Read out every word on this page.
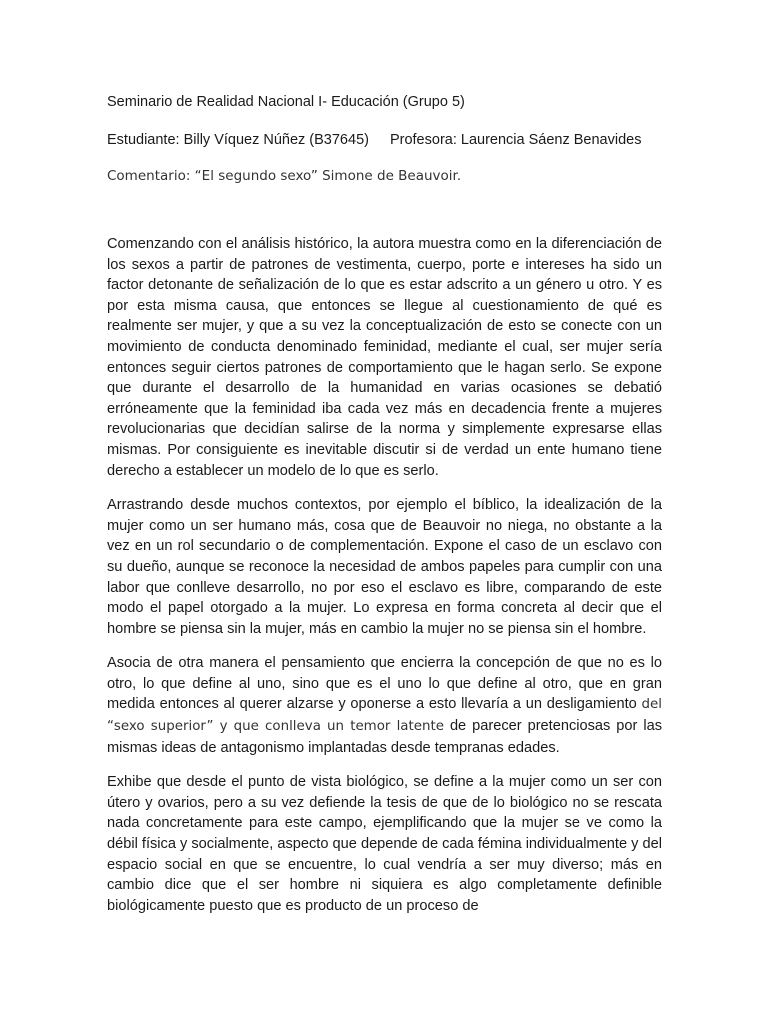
Seminario de Realidad Nacional I- Educación (Grupo 5)

Estudiante: Billy Víquez Núñez (B37645) Profesora: Laurencia Sáenz Benavides

Comentario: “El segundo sexo” Simone de Beauvoir.

Comenzando con el análisis histórico, la autora muestra como en la diferenciación de los sexos a partir de patrones de vestimenta, cuerpo, porte e intereses ha sido un factor detonante de señalización de lo que es estar adscrito a un género u otro. Y es por esta misma causa, que entonces se llegue al cuestionamiento de qué es realmente ser mujer, y que a su vez la conceptualización de esto se conecte con un movimiento de conducta denominado feminidad, mediante el cual, ser mujer sería entonces seguir ciertos patrones de comportamiento que le hagan serlo. Se expone que durante el desarrollo de la humanidad en varias ocasiones se debatió erróneamente que la feminidad iba cada vez más en decadencia frente a mujeres revolucionarias que decidían salirse de la norma y simplemente expresarse ellas mismas. Por consiguiente es inevitable discutir si de verdad un ente humano tiene derecho a establecer un modelo de lo que es serlo.

Arrastrando desde muchos contextos, por ejemplo el bíblico, la idealización de la mujer como un ser humano más, cosa que de Beauvoir no niega, no obstante a la vez en un rol secundario o de complementación. Expone el caso de un esclavo con su dueño, aunque se reconoce la necesidad de ambos papeles para cumplir con una labor que conlleve desarrollo, no por eso el esclavo es libre, comparando de este modo el papel otorgado a la mujer. Lo expresa en forma concreta al decir que el hombre se piensa sin la mujer, más en cambio la mujer no se piensa sin el hombre.

Asocia de otra manera el pensamiento que encierra la concepción de que no es lo otro, lo que define al uno, sino que es el uno lo que define al otro, que en gran medida entonces al querer alzarse y oponerse a esto llevaría a un desligamiento del “sexo superior” y que conlleva un temor latente de parecer pretenciosas por las mismas ideas de antagonismo implantadas desde tempranas edades.

Exhibe que desde el punto de vista biológico, se define a la mujer como un ser con útero y ovarios, pero a su vez defiende la tesis de que de lo biológico no se rescata nada concretamente para este campo, ejemplificando que la mujer se ve como la débil física y socialmente, aspecto que depende de cada fémina individualmente y del espacio social en que se encuentre, lo cual vendría a ser muy diverso; más en cambio dice que el ser hombre ni siquiera es algo completamente definible biológicamente puesto que es producto de un proceso de
